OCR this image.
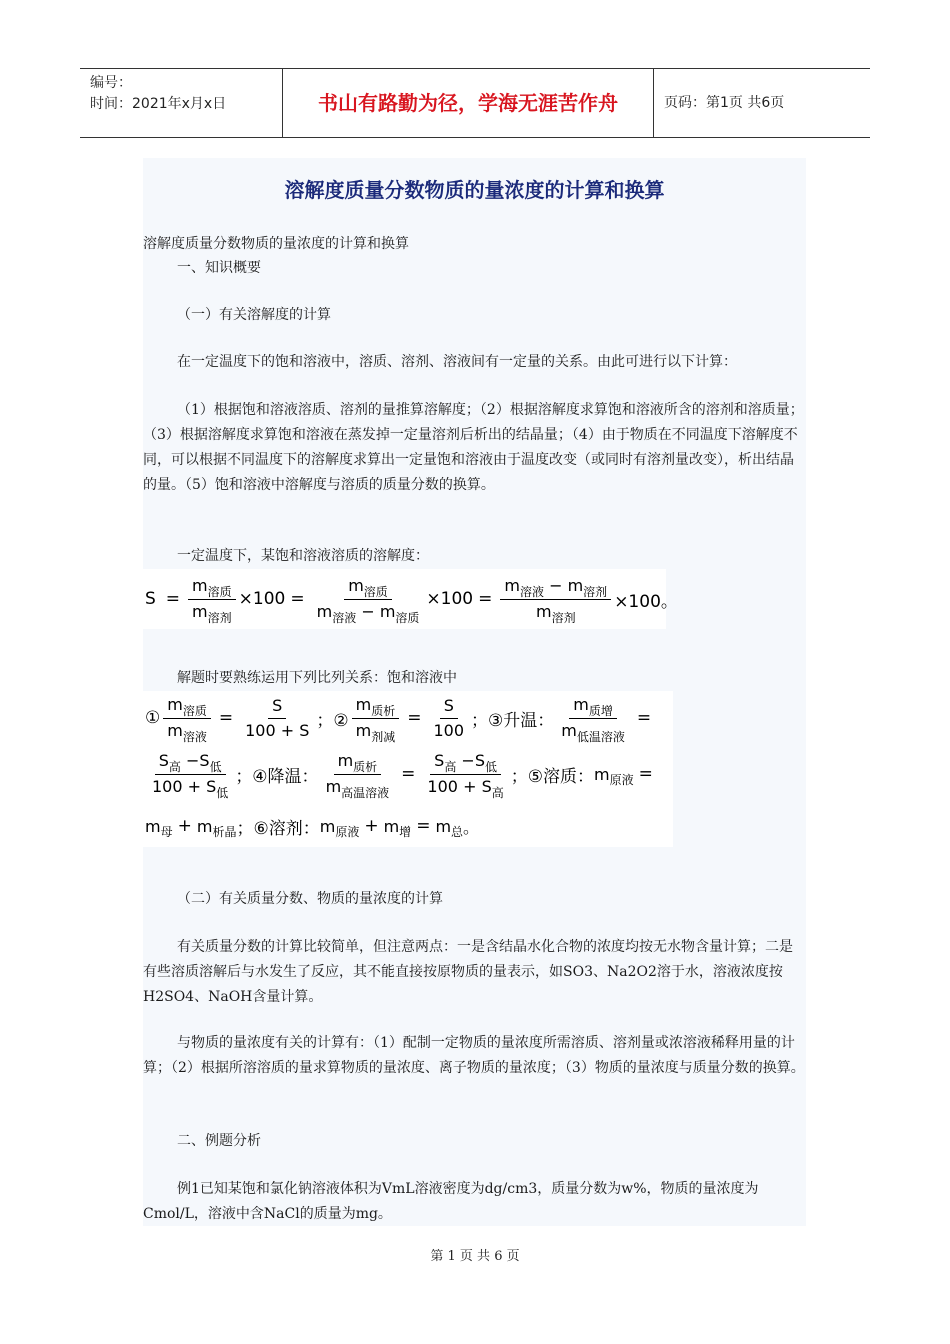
编号：
时间：2021年x月x日	书山有路勤为径，学海无涯苦作舟	页码：第1页 共6页
溶解度质量分数物质的量浓度的计算和换算

溶解度质量分数物质的量浓度的计算和换算

一、知识概要

（一）有关溶解度的计算

在一定温度下的饱和溶液中，溶质、溶剂、溶液间有一定量的关系。由此可进行以下计算：

（1）根据饱和溶液溶质、溶剂的量推算溶解度；（2）根据溶解度求算饱和溶液所含的溶剂和溶质量；（3）根据溶解度求算饱和溶液在蒸发掉一定量溶剂后析出的结晶量；（4）由于物质在不同温度下溶解度不同，可以根据不同温度下的溶解度求算出一定量饱和溶液由于温度改变（或同时有溶剂量改变），析出结晶的量。（5）饱和溶液中溶解度与溶质的质量分数的换算。

一定温度下，某饱和溶液溶质的溶解度：

$S = \frac{m_{溶质}}{m_{溶剂}} \times 100 = \frac{m_{溶质}}{m_{溶液} - m_{溶质}} \times 100 = \frac{m_{溶液} - m_{溶剂}}{m_{溶剂}} \times 100$。

解题时要熟练运用下列比列关系：饱和溶液中

① $\frac{m_{溶质}}{m_{溶液}} = \frac{S}{100 + S}$ ；② $\frac{m_{质析}}{m_{剂减}} = \frac{S}{100}$ ；③升温： $\frac{m_{质增}}{m_{低温溶液}}$ =
$\frac{S_高 -S_低}{100 + S_低}$ ；④降温： $\frac{m_{质析}}{m_{高温溶液}} = \frac{S_高 -S_低}{100 + S_高}$ ；⑤溶质： m 原液 =
m 母 + m 析晶 ；⑥溶剂： m 原液 + m 增 = m 总 。

（二）有关质量分数、物质的量浓度的计算

有关质量分数的计算比较简单，但注意两点：一是含结晶水化合物的浓度均按无水物含量计算；二是有些溶质溶解后与水发生了反应，其不能直接按原物质的量表示，如SO3、Na2O2溶于水，溶液浓度按H2SO4、NaOH含量计算。

与物质的量浓度有关的计算有：（1）配制一定物质的量浓度所需溶质、溶剂量或浓溶液稀释用量的计算；（2）根据所溶溶质的量求算物质的量浓度、离子物质的量浓度；（3）物质的量浓度与质量分数的换算。

二、例题分析

例1已知某饱和氯化钠溶液体积为VmL溶液密度为dg/cm3，质量分数为w%，物质的量浓度为Cmol/L，溶液中含NaCl的质量为mg。

第 1 页 共 6 页
